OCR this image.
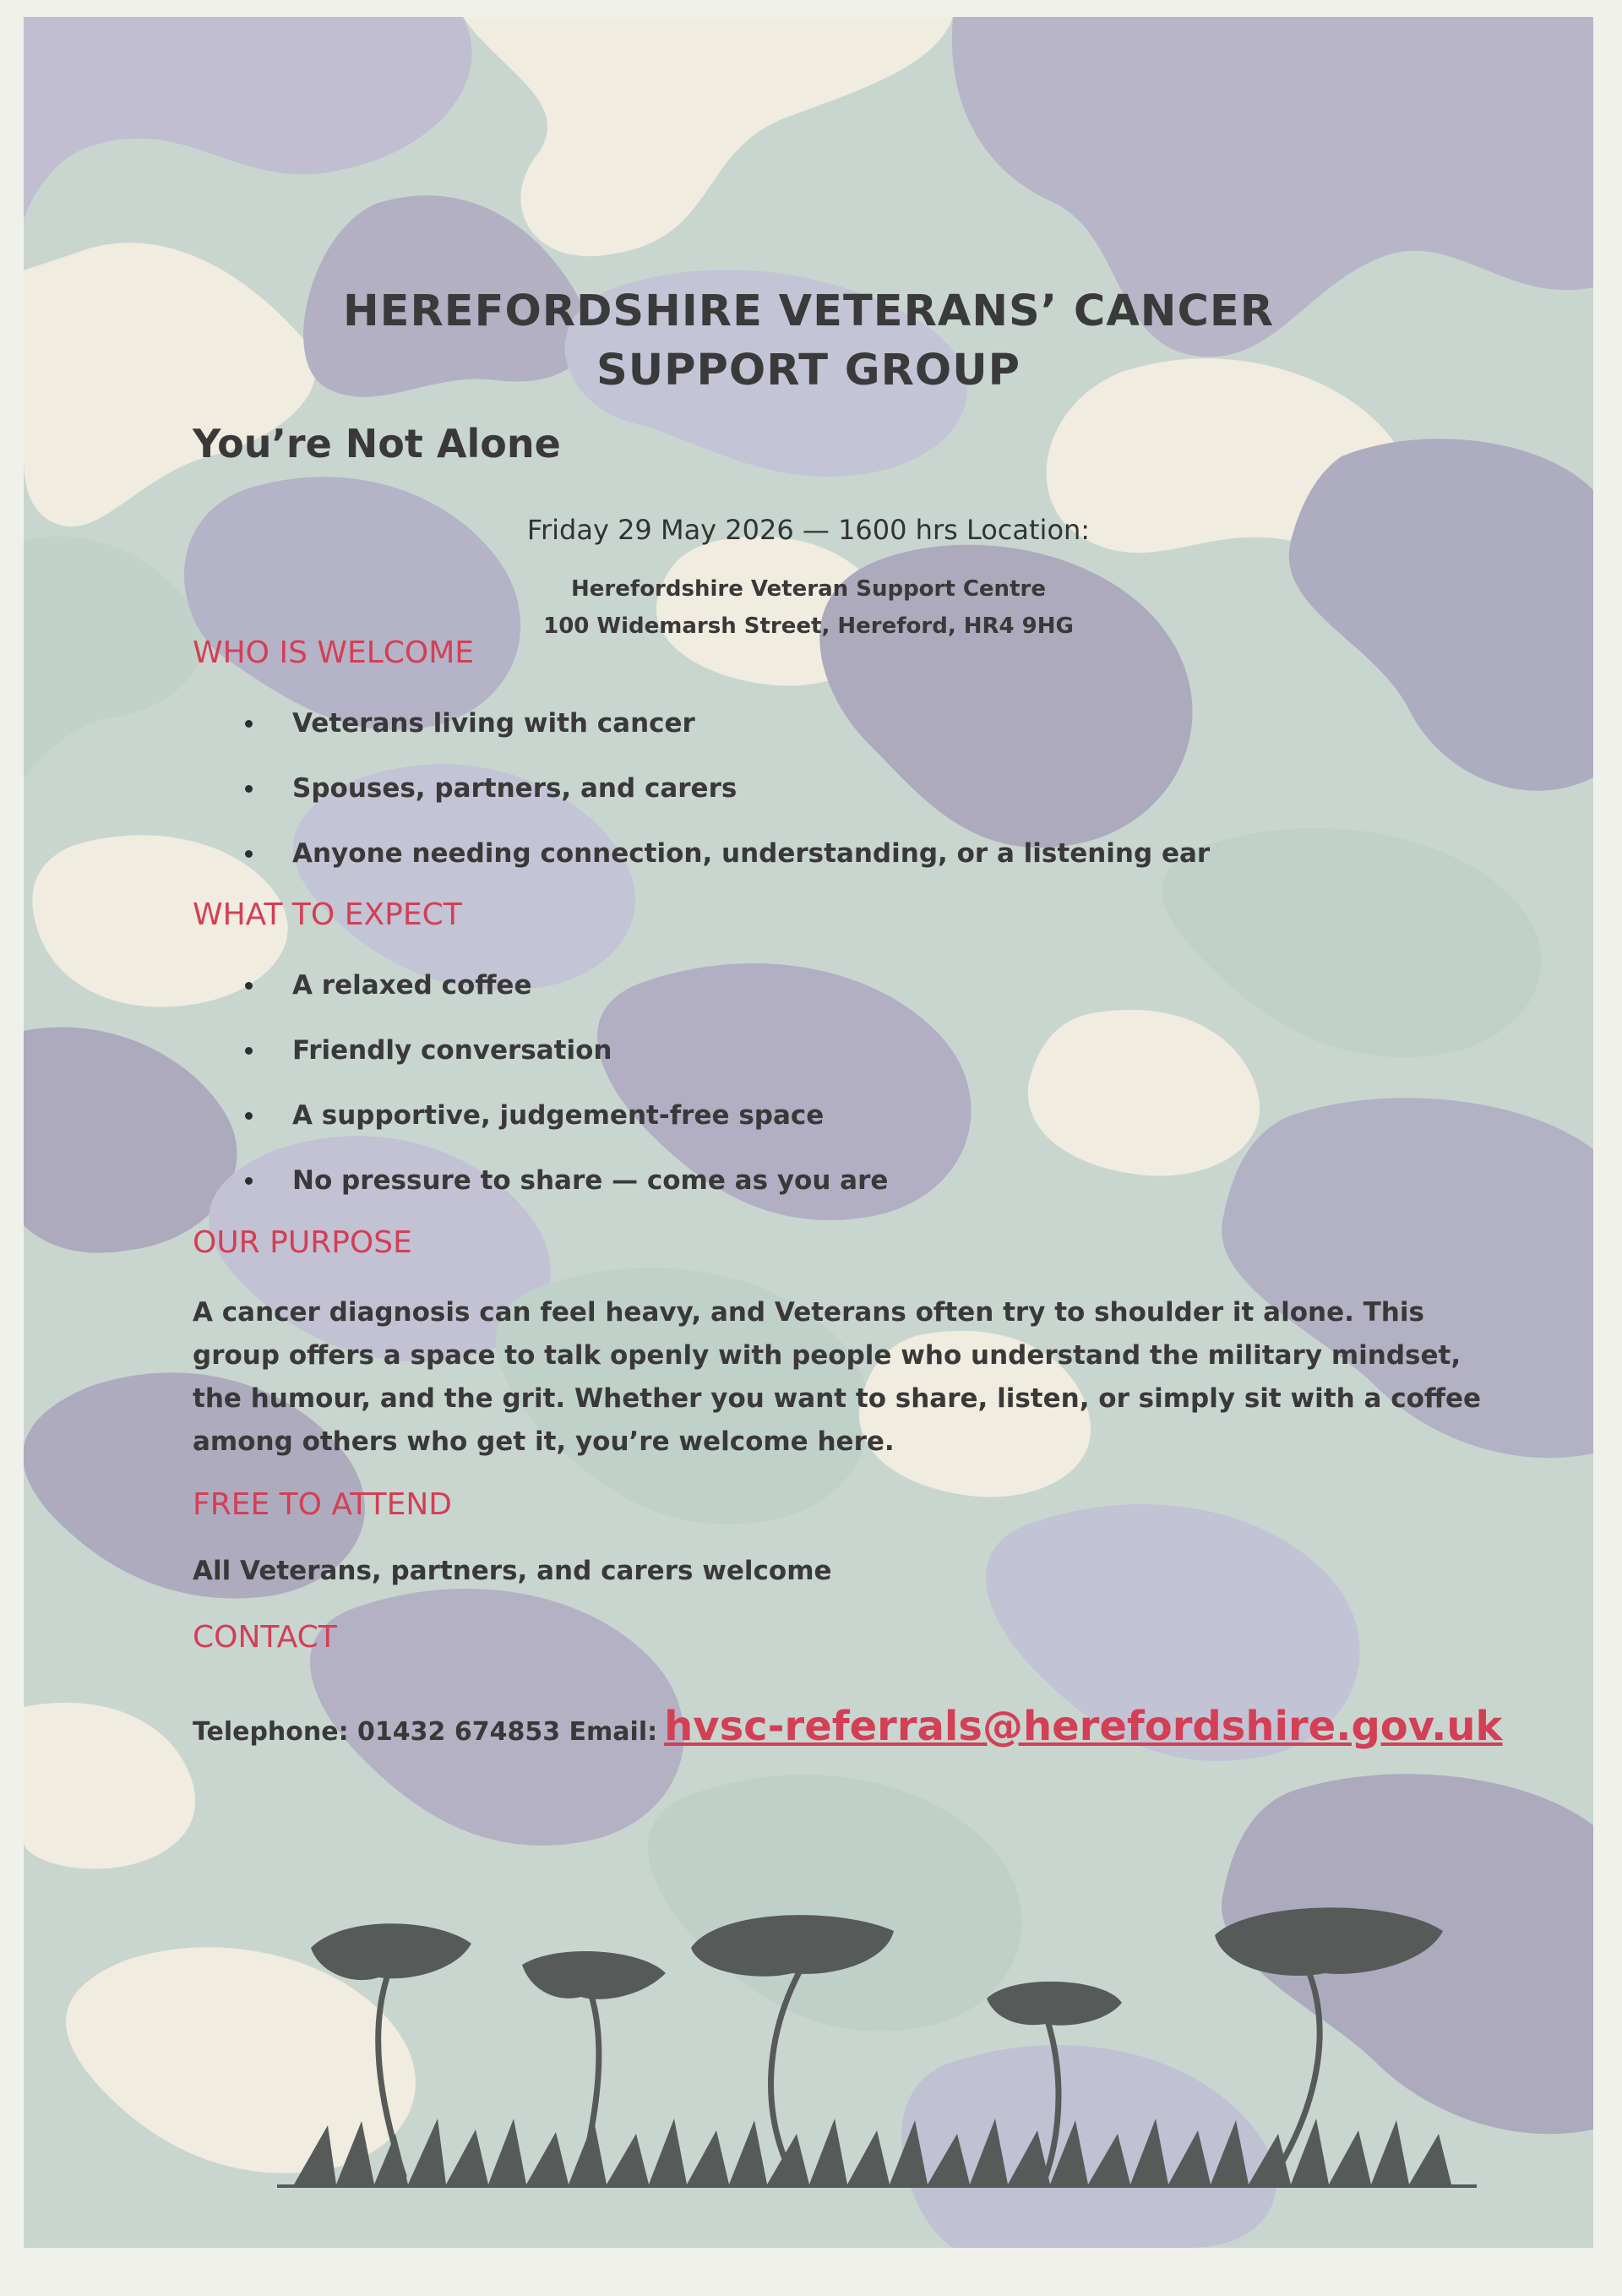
HEREFORDSHIRE VETERANS’ CANCER
SUPPORT GROUP
You’re Not Alone
Friday 29 May 2026 — 1600 hrs Location:
Herefordshire Veteran Support Centre
100 Widemarsh Street, Hereford, HR4 9HG
WHO IS WELCOME
Veterans living with cancer
Spouses, partners, and carers
Anyone needing connection, understanding, or a listening ear
WHAT TO EXPECT
A relaxed coffee
Friendly conversation
A supportive, judgement-free space
No pressure to share — come as you are
OUR PURPOSE
A cancer diagnosis can feel heavy, and Veterans often try to shoulder it alone. This group offers a space to talk openly with people who understand the military mindset, the humour, and the grit. Whether you want to share, listen, or simply sit with a coffee among others who get it, you’re welcome here.
FREE TO ATTEND
All Veterans, partners, and carers welcome
CONTACT
Telephone: 01432 674853 Email: hvsc-referrals@herefordshire.gov.uk
